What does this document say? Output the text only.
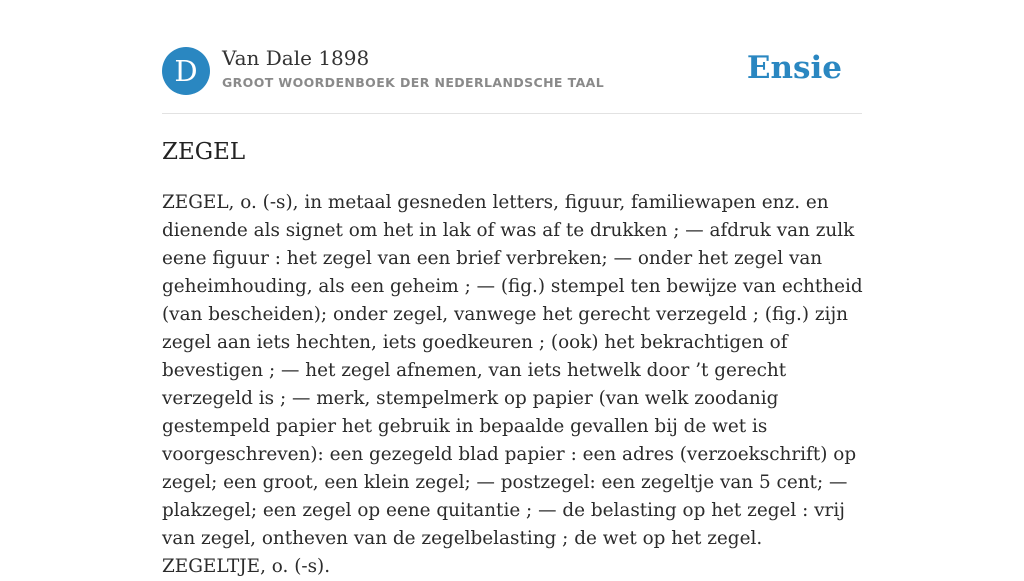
D	Van Dale 1898
GROOT WOORDENBOEK DER NEDERLANDSCHE TAAL	Ensie
ZEGEL

ZEGEL, o. (-s), in metaal gesneden letters, figuur, familiewapen enz. en dienende als signet om het in lak of was af te drukken ; — afdruk van zulk eene figuur : het zegel van een brief verbreken; — onder het zegel van geheimhouding, als een geheim ; — (fig.) stempel ten bewijze van echtheid (van bescheiden); onder zegel, vanwege het gerecht verzegeld ; (fig.) zijn zegel aan iets hechten, iets goedkeuren ; (ook) het bekrachtigen of bevestigen ; — het zegel afnemen, van iets hetwelk door ’t gerecht verzegeld is ; — merk, stempelmerk op papier (van welk zoodanig gestempeld papier het gebruik in bepaalde gevallen bij de wet is voorgeschreven): een gezegeld blad papier : een adres (verzoekschrift) op zegel; een groot, een klein zegel; — postzegel: een zegeltje van 5 cent; — plakzegel; een zegel op eene quitantie ; — de belasting op het zegel : vrij van zegel, ontheven van de zegelbelasting ; de wet op het zegel. ZEGELTJE, o. (-s).
